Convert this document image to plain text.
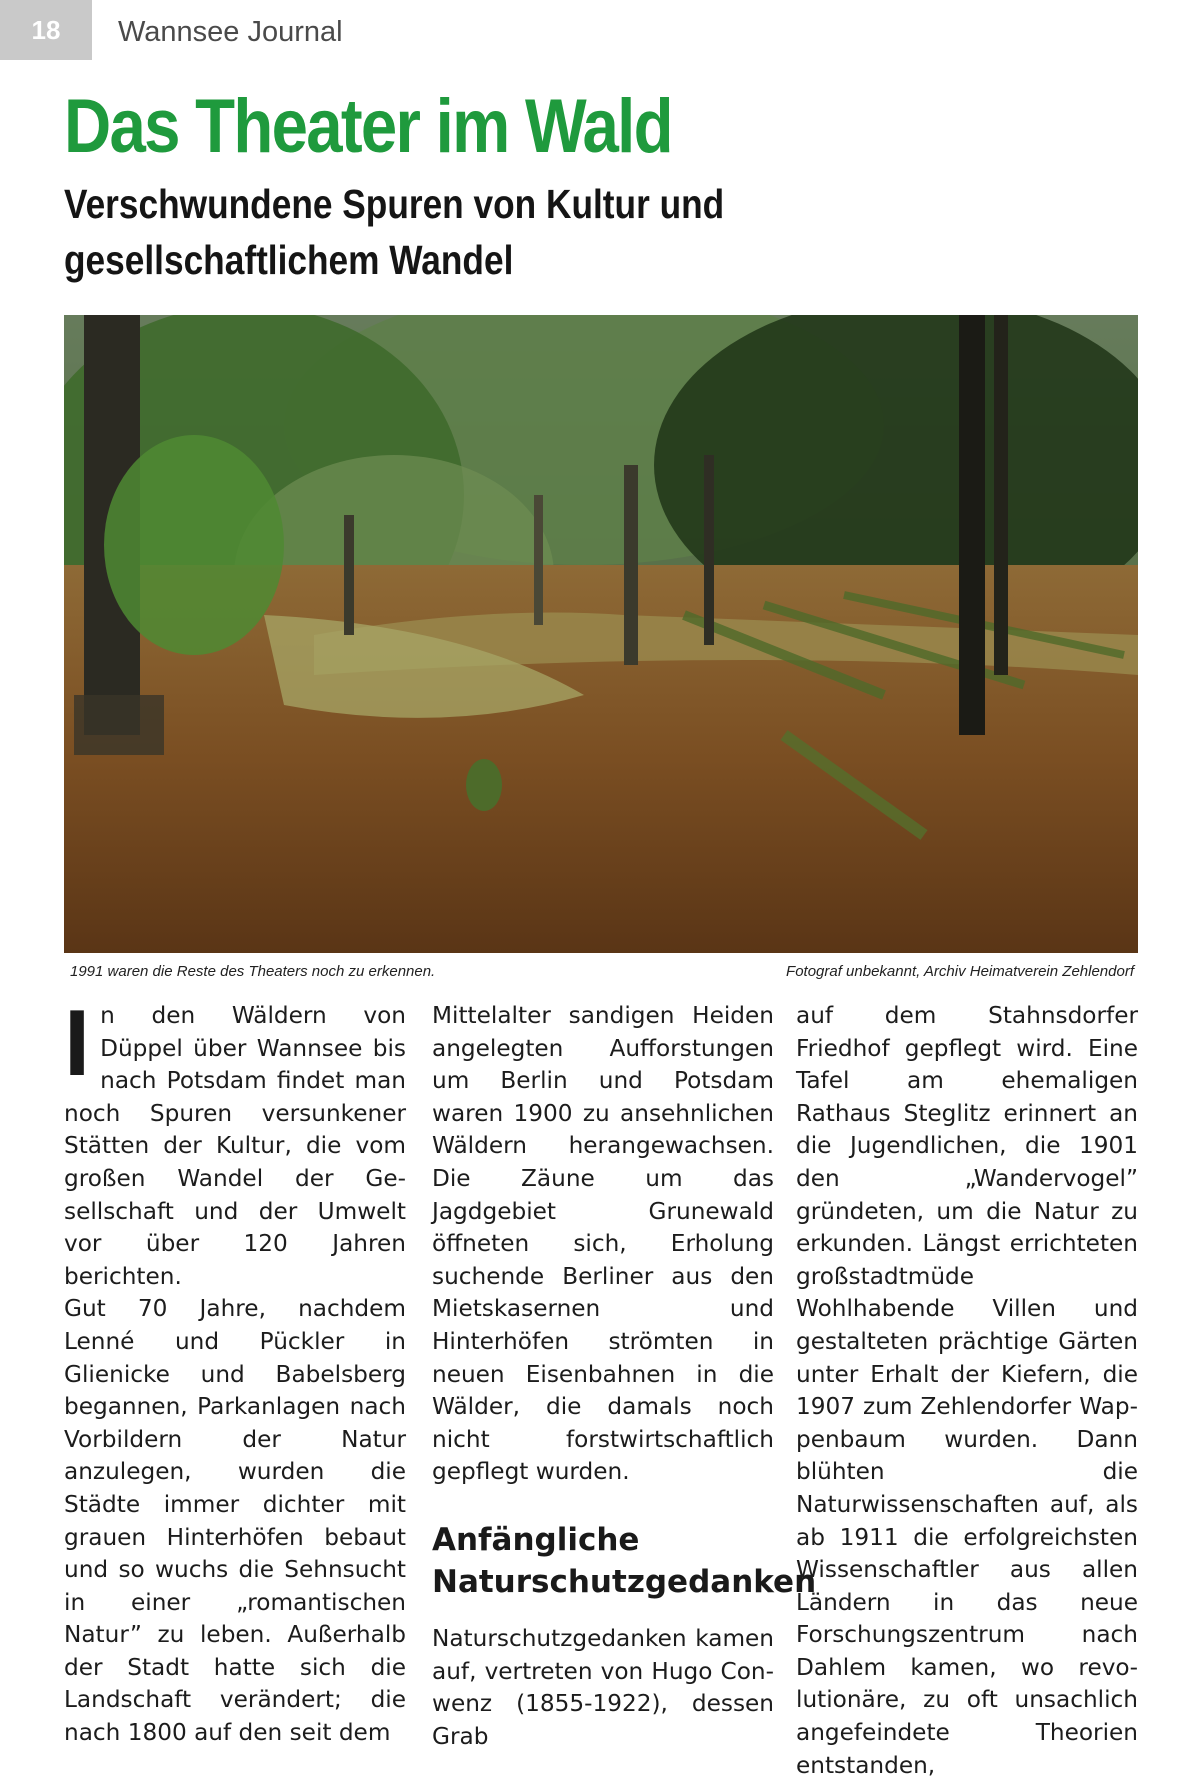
18	Wannsee Journal
Das Theater im Wald
Verschwundene Spuren von Kultur und gesellschaftlichem Wandel
1991 waren die Reste des Theaters noch zu erkennen.	Fotograf unbekannt, Archiv Heimatverein Zehlendorf

In den Wäldern von Düppel über Wannsee bis nach Potsdam findet man noch Spuren versunkener Stätten der Kultur, die vom großen Wandel der Gesellschaft und der Umwelt vor über 120 Jahren berichten.

Gut 70 Jahre, nachdem Lenné und Pückler in Glienicke und Babelsberg begannen, Parkanlagen nach Vorbildern der Natur anzulegen, wurden die Städte immer dichter mit grauen Hinterhöfen bebaut und so wuchs die Sehnsucht in einer „romantischen Natur” zu leben. Außerhalb der Stadt hatte sich die Landschaft verändert; die nach 1800 auf den seit dem

Mittelalter sandigen Heiden angelegten Aufforstungen um Berlin und Potsdam waren 1900 zu ansehnlichen Wäldern herangewachsen. Die Zäune um das Jagdgebiet Grunewald öffneten sich, Erholung suchende Berliner aus den Mietskasernen und Hinterhöfen strömten in neuen Eisenbahnen in die Wälder, die damals noch nicht forstwirtschaftlich gepflegt wurden.

Anfängliche Naturschutzgedanken

Naturschutzgedanken kamen auf, vertreten von Hugo Conwenz (1855-1922), dessen Grab

auf dem Stahnsdorfer Friedhof gepflegt wird. Eine Tafel am ehemaligen Rathaus Steglitz erinnert an die Jugendlichen, die 1901 den „Wandervogel” gründeten, um die Natur zu erkunden. Längst errichteten großstadtmüde Wohlhabende Villen und gestalteten prächtige Gärten unter Erhalt der Kiefern, die 1907 zum Zehlendorfer Wappenbaum wurden. Dann blühten die Naturwissenschaften auf, als ab 1911 die erfolgreichsten Wissenschaftler aus allen Ländern in das neue Forschungszentrum nach Dahlem kamen, wo revolutionäre, zu oft unsachlich angefeindete Theorien entstanden,
